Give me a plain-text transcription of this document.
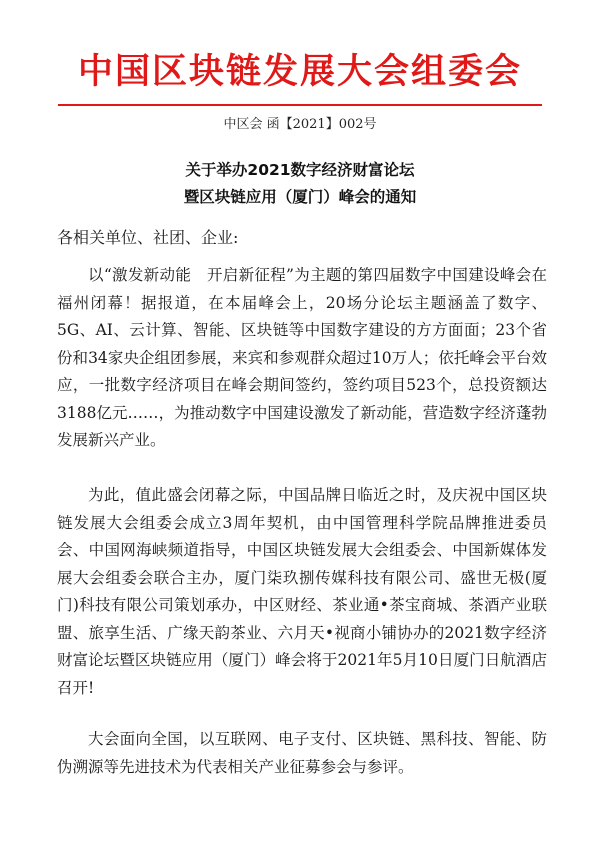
中国区块链发展大会组委会
中区会 函【2021】002号
关于举办2021数字经济财富论坛
暨区块链应用（厦门）峰会的通知
各相关单位、社团、企业:

以“激发新动能　开启新征程”为主题的第四届数字中国建设峰会在福州闭幕！据报道，在本届峰会上，20场分论坛主题涵盖了数字、5G、AI、云计算、智能、区块链等中国数字建设的方方面面；23个省份和34家央企组团参展，来宾和参观群众超过10万人；依托峰会平台效应，一批数字经济项目在峰会期间签约，签约项目523个，总投资额达3188亿元……，为推动数字中国建设激发了新动能，营造数字经济蓬勃发展新兴产业。

为此，值此盛会闭幕之际，中国品牌日临近之时，及庆祝中国区块链发展大会组委会成立3周年契机，由中国管理科学院品牌推进委员会、中国网海峡频道指导，中国区块链发展大会组委会、中国新媒体发展大会组委会联合主办，厦门柒玖捌传媒科技有限公司、盛世无极(厦门)科技有限公司策划承办，中区财经、茶业通•茶宝商城、茶酒产业联盟、旅享生活、广缘天韵茶业、六月天•视商小铺协办的2021数字经济财富论坛暨区块链应用（厦门）峰会将于2021年5月10日厦门日航酒店召开!

大会面向全国，以互联网、电子支付、区块链、黑科技、智能、防伪溯源等先进技术为代表相关产业征募参会与参评。
